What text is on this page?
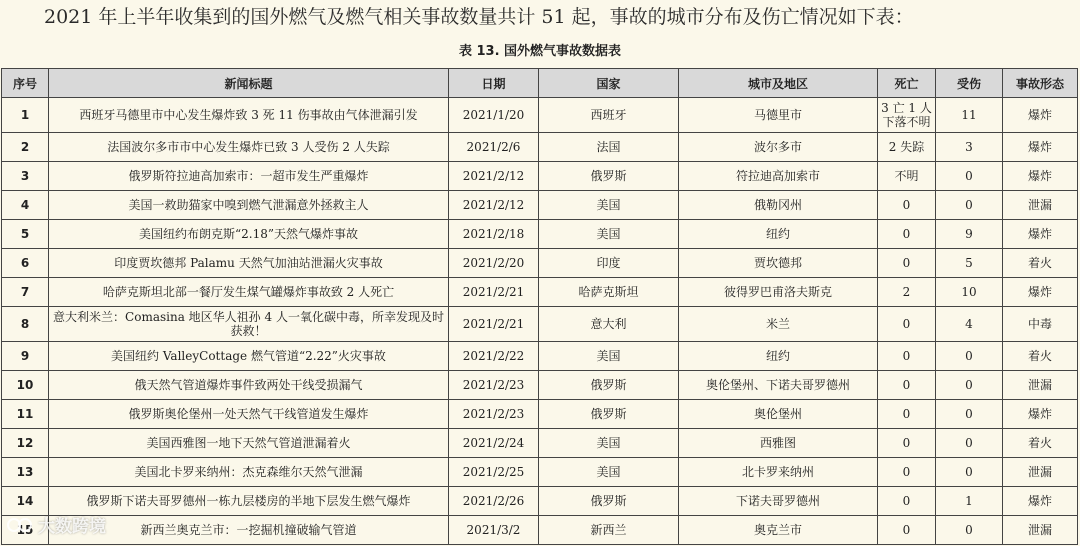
2021 年上半年收集到的国外燃气及燃气相关事故数量共计 51 起，事故的城市分布及伤亡情况如下表：
表 13. 国外燃气事故数据表
序号	新闻标题	日期	国家	城市及地区	死亡	受伤	事故形态
1	西班牙马德里市中心发生爆炸致 3 死 11 伤事故由气体泄漏引发	2021/1/20	西班牙	马德里市	3 亡 1 人下落不明	11	爆炸
2	法国波尔多市市中心发生爆炸已致 3 人受伤 2 人失踪	2021/2/6	法国	波尔多市	2 失踪	3	爆炸
3	俄罗斯符拉迪高加索市：一超市发生严重爆炸	2021/2/12	俄罗斯	符拉迪高加索市	不明	0	爆炸
4	美国一救助猫家中嗅到燃气泄漏意外拯救主人	2021/2/12	美国	俄勒冈州	0	0	泄漏
5	美国纽约布朗克斯“2.18”天然气爆炸事故	2021/2/18	美国	纽约	0	9	爆炸
6	印度贾坎德邦 Palamu 天然气加油站泄漏火灾事故	2021/2/20	印度	贾坎德邦	0	5	着火
7	哈萨克斯坦北部一餐厅发生煤气罐爆炸事故致 2 人死亡	2021/2/21	哈萨克斯坦	彼得罗巴甫洛夫斯克	2	10	爆炸
8	意大利米兰：Comasina 地区华人祖孙 4 人一氧化碳中毒，所幸发现及时获救！	2021/2/21	意大利	米兰	0	4	中毒
9	美国纽约 ValleyCottage 燃气管道“2.22”火灾事故	2021/2/22	美国	纽约	0	0	着火
10	俄天然气管道爆炸事件致两处干线受损漏气	2021/2/23	俄罗斯	奥伦堡州、下诺夫哥罗德州	0	0	泄漏
11	俄罗斯奥伦堡州一处天然气干线管道发生爆炸	2021/2/23	俄罗斯	奥伦堡州	0	0	爆炸
12	美国西雅图一地下天然气管道泄漏着火	2021/2/24	美国	西雅图	0	0	着火
13	美国北卡罗来纳州：杰克森维尔天然气泄漏	2021/2/25	美国	北卡罗来纳州	0	0	泄漏
14	俄罗斯下诺夫哥罗德州一栋九层楼房的半地下层发生燃气爆炸	2021/2/26	俄罗斯	下诺夫哥罗德州	0	1	爆炸
15	新西兰奥克兰市：一挖掘机撞破输气管道	2021/3/2	新西兰	奥克兰市	0	0	泄漏
大数跨境
